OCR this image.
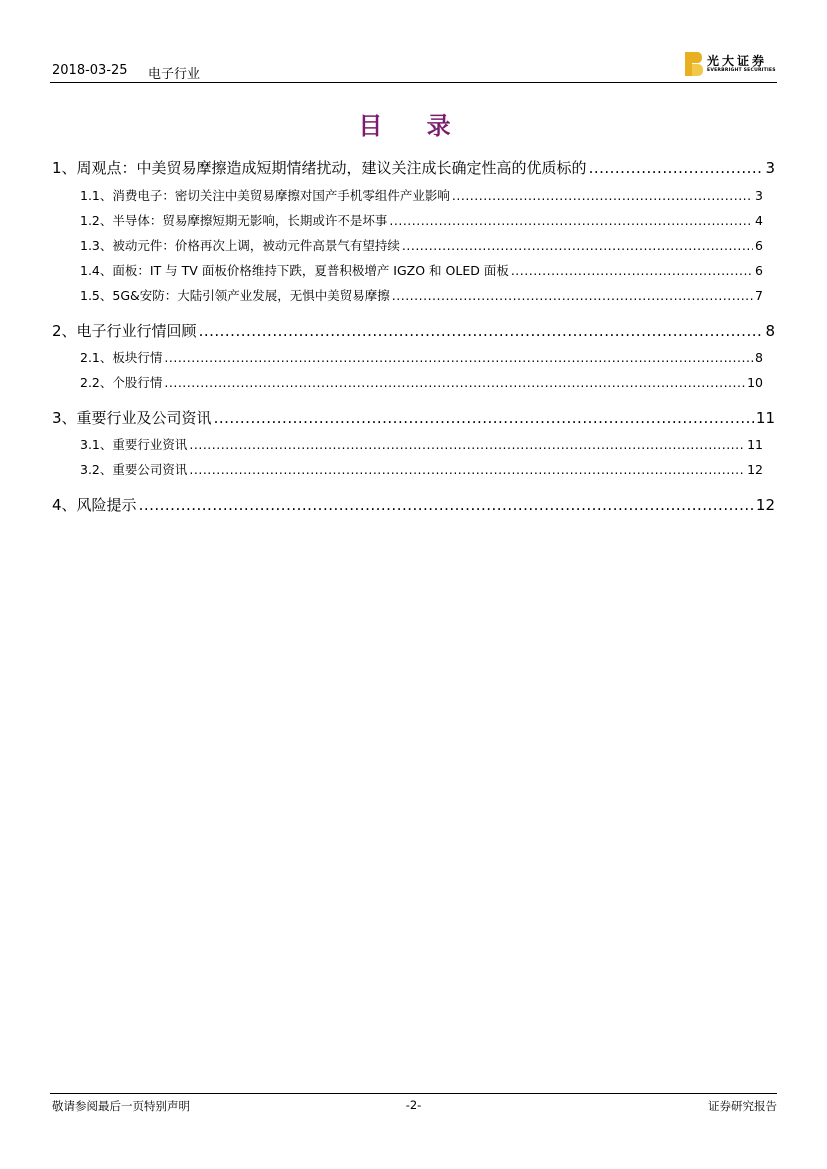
2018-03-25 电子行业
光大证券
EVERBRIGHT SECURITIES
目 录
1、 周观点：中美贸易摩擦造成短期情绪扰动，建议关注成长确定性高的优质标的 .....	3
1.1、 消费电子：密切关注中美贸易摩擦对国产手机零组件产业影响 .....	3
1.2、 半导体：贸易摩擦短期无影响，长期或许不是坏事 .....	4
1.3、 被动元件：价格再次上调，被动元件高景气有望持续 .....	6
1.4、 面板：IT 与 TV 面板价格维持下跌，夏普积极增产 IGZO 和 OLED 面板 .....	6
1.5、 5G&安防：大陆引领产业发展，无惧中美贸易摩擦 .....	7
2、 电子行业行情回顾 .....	8
2.1、 板块行情 .....	8
2.2、 个股行情 .....	10
3、 重要行业及公司资讯 .....	11
3.1、 重要行业资讯 .....	11
3.2、 重要公司资讯 .....	12
4、 风险提示 .....	12
敬请参阅最后一页特别声明	-2-	证券研究报告
